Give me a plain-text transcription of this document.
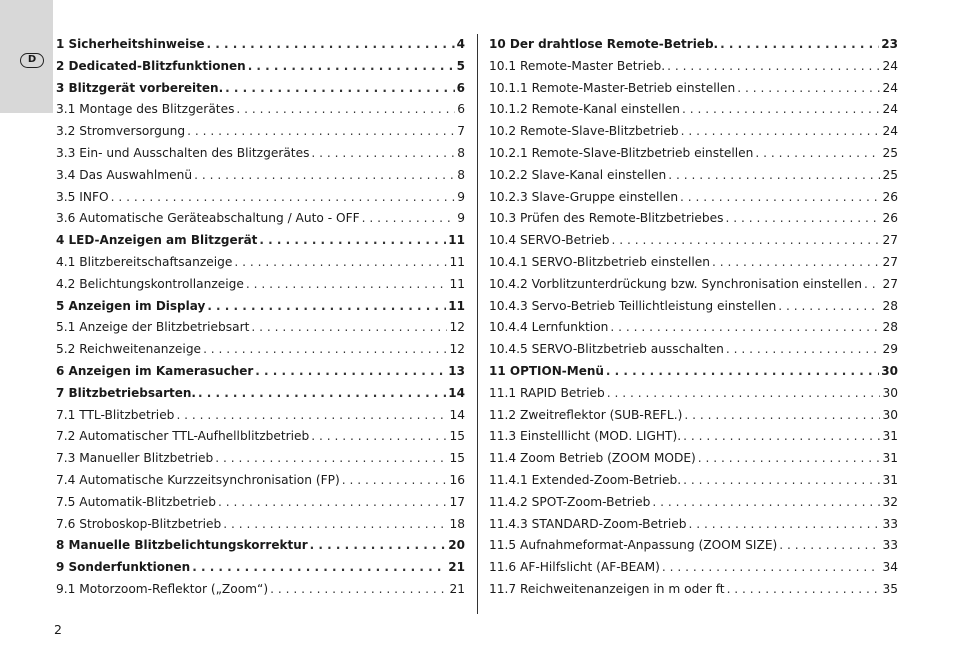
D
1 Sicherheitshinweise . . .	4
2 Dedicated-Blitzfunktionen . . .	5
3 Blitzgerät vorbereiten. . . .	6
3.1 Montage des Blitzgerätes . . .	6
3.2 Stromversorgung . . .	7
3.3 Ein- und Ausschalten des Blitzgerätes . . .	8
3.4 Das Auswahlmenü . . .	8
3.5 INFO . . .	9
3.6 Automatische Geräteabschaltung / Auto - OFF . . .	9
4 LED-Anzeigen am Blitzgerät . . .	11
4.1 Blitzbereitschaftsanzeige . . .	11
4.2 Belichtungskontrollanzeige . . .	11
5 Anzeigen im Display . . .	11
5.1 Anzeige der Blitzbetriebsart . . .	12
5.2 Reichweitenanzeige . . .	12
6 Anzeigen im Kamerasucher . . .	13
7 Blitzbetriebsarten. . . .	14
7.1 TTL-Blitzbetrieb . . .	14
7.2 Automatischer TTL-Aufhellblitzbetrieb . . .	15
7.3 Manueller Blitzbetrieb . . .	15
7.4 Automatische Kurzzeitsynchronisation (FP) . . .	16
7.5 Automatik-Blitzbetrieb . . .	17
7.6 Stroboskop-Blitzbetrieb . . .	18
8 Manuelle Blitzbelichtungskorrektur . . .	20
9 Sonderfunktionen . . .	21
9.1 Motorzoom-Reflektor („Zoom“) . . .	21
10 Der drahtlose Remote-Betrieb. . . .	23
10.1 Remote-Master Betrieb. . . .	24
10.1.1 Remote-Master-Betrieb einstellen . . .	24
10.1.2 Remote-Kanal einstellen . . .	24
10.2 Remote-Slave-Blitzbetrieb . . .	24
10.2.1 Remote-Slave-Blitzbetrieb einstellen . . .	25
10.2.2 Slave-Kanal einstellen . . .	25
10.2.3 Slave-Gruppe einstellen . . .	26
10.3 Prüfen des Remote-Blitzbetriebes . . .	26
10.4 SERVO-Betrieb . . .	27
10.4.1 SERVO-Blitzbetrieb einstellen . . .	27
10.4.2 Vorblitzunterdrückung bzw. Synchronisation einstellen . . . 27
10.4.3 Servo-Betrieb Teillichtleistung einstellen . . .	28
10.4.4 Lernfunktion . . .	28
10.4.5 SERVO-Blitzbetrieb ausschalten . . .	29
11 OPTION-Menü . . .	30
11.1 RAPID Betrieb . . .	30
11.2 Zweitreflektor (SUB-REFL.) . . .	30
11.3 Einstelllicht (MOD. LIGHT). . . .	31
11.4 Zoom Betrieb (ZOOM MODE) . . .	31
11.4.1 Extended-Zoom-Betrieb. . . .	31
11.4.2 SPOT-Zoom-Betrieb . . .	32
11.4.3 STANDARD-Zoom-Betrieb . . .	33
11.5 Aufnahmeformat-Anpassung (ZOOM SIZE) . . .	33
11.6 AF-Hilfslicht (AF-BEAM) . . .	34
11.7 Reichweitenanzeigen in m oder ft . . .	35
2
